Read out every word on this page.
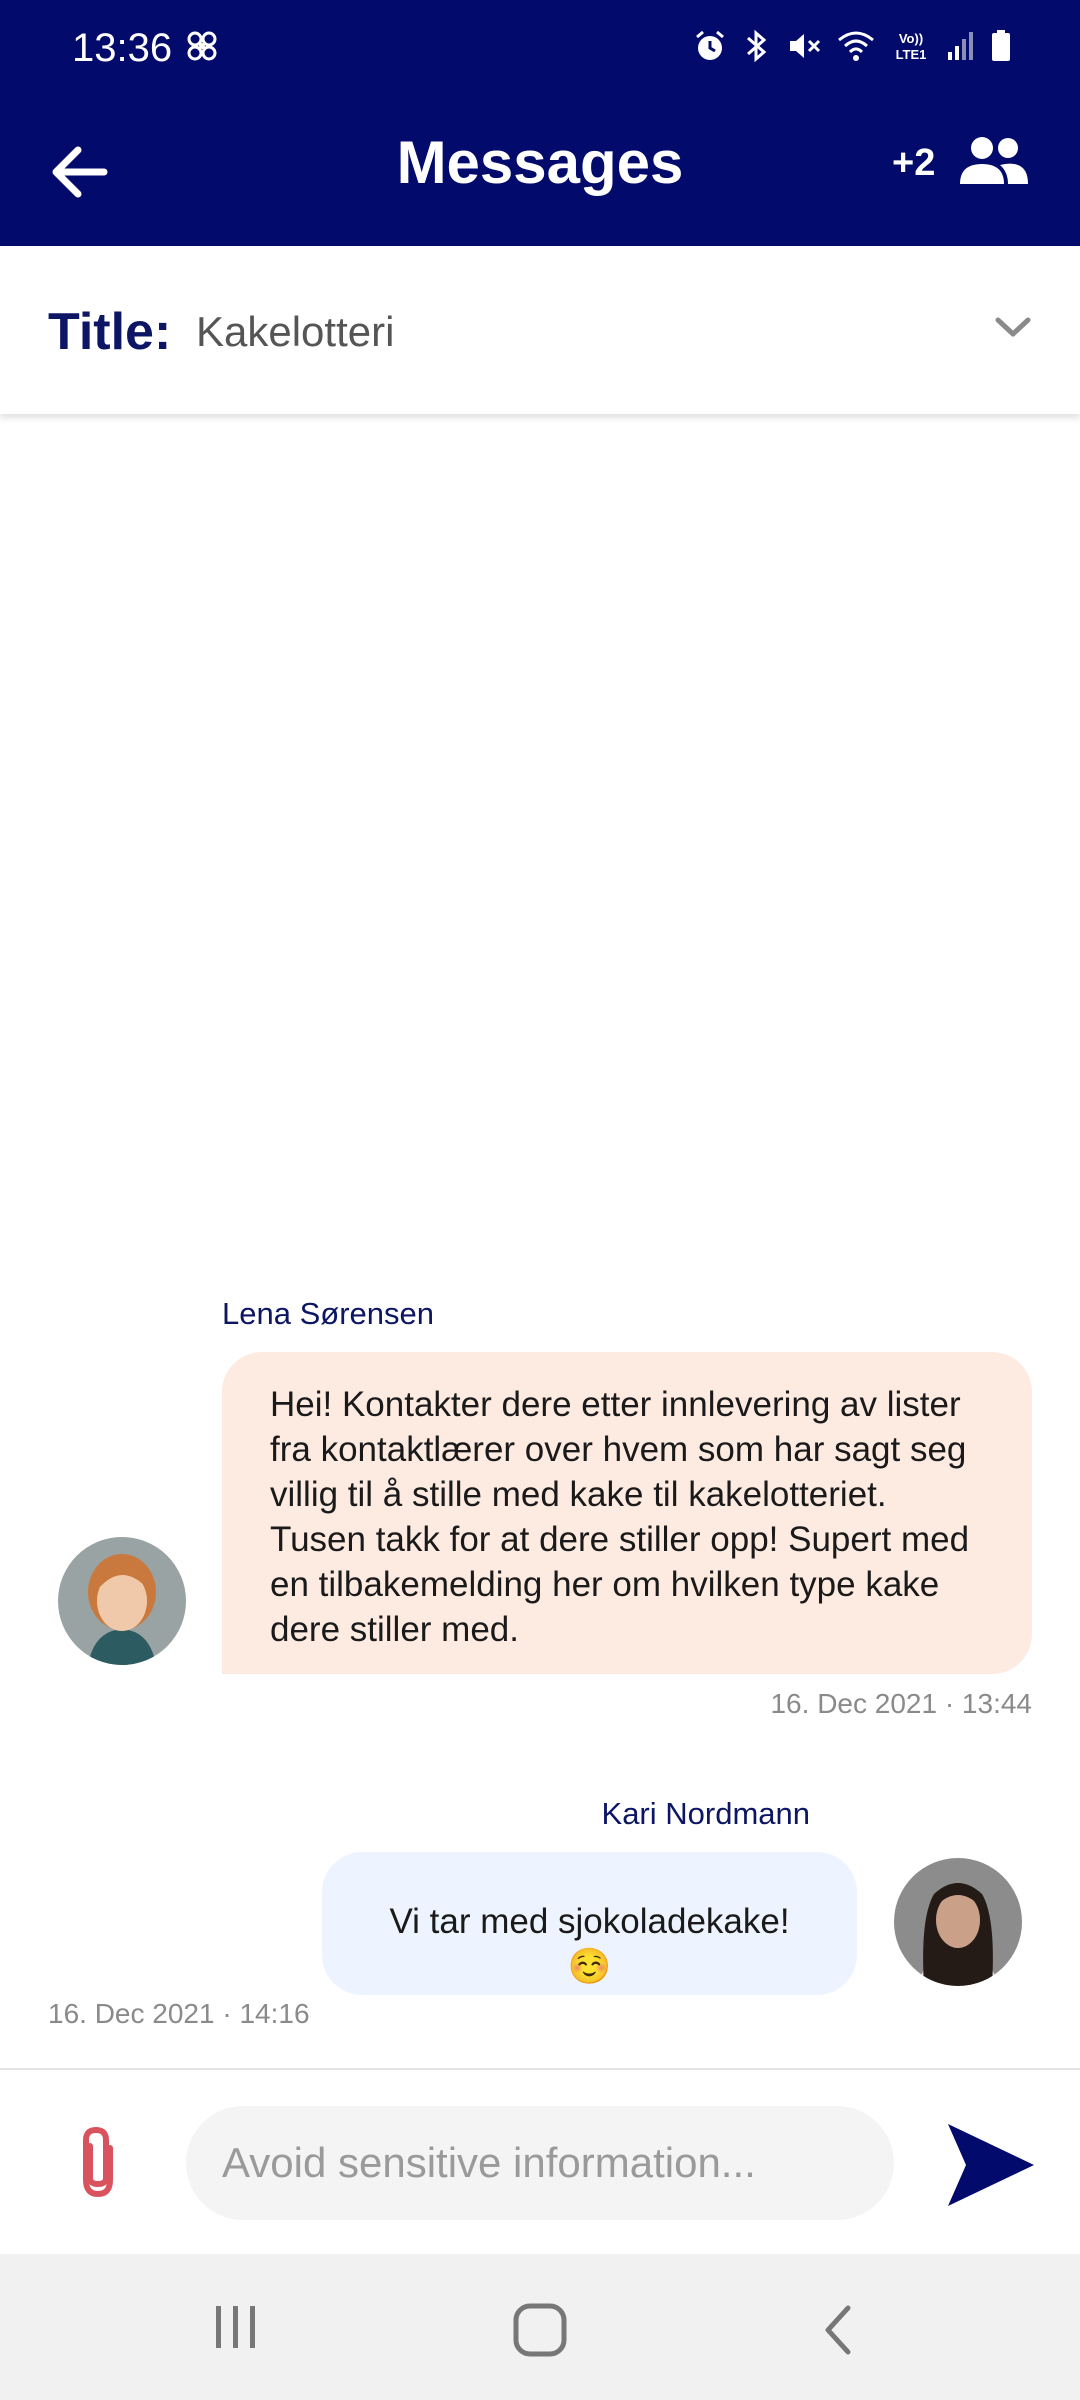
13:36	Vo))
LTE1
Messages	+2
Title: Kakelotteri
Lena Sørensen
Hei! Kontakter dere etter innlevering av lister fra kontaktlærer over hvem som har sagt seg villig til å stille med kake til kakelotteriet. Tusen takk for at dere stiller opp! Supert med en tilbakemelding her om hvilken type kake dere stiller med.
16. Dec 2021 · 13:44
Kari Nordmann
Vi tar med sjokoladekake!☺️
16. Dec 2021 · 14:16
Avoid sensitive information...
